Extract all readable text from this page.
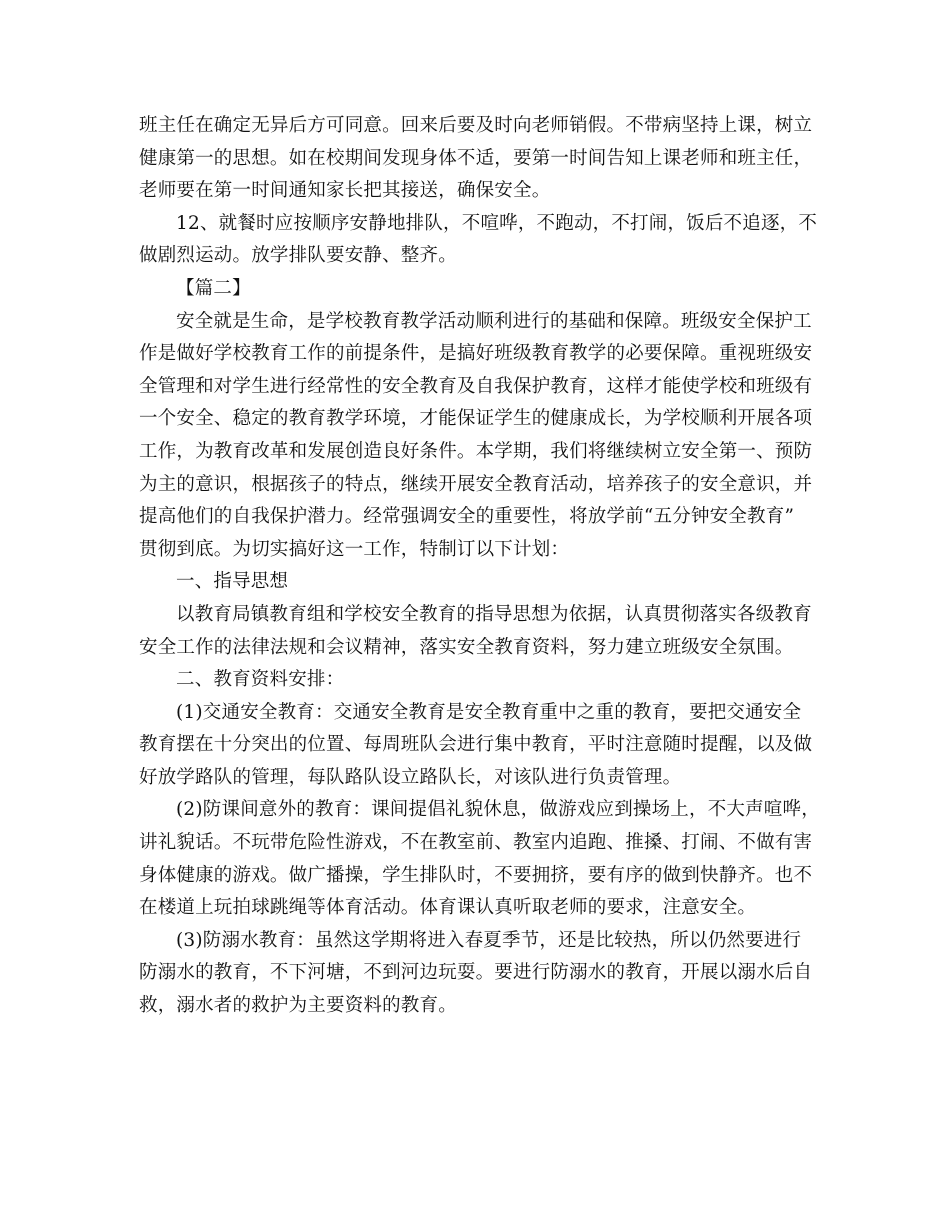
班主任在确定无异后方可同意。回来后要及时向老师销假。不带病坚持上课，树立
健康第一的思想。如在校期间发现身体不适，要第一时间告知上课老师和班主任，
老师要在第一时间通知家长把其接送，确保安全。
12、就餐时应按顺序安静地排队，不喧哗，不跑动，不打闹，饭后不追逐，不
做剧烈运动。放学排队要安静、整齐。
【篇二】
安全就是生命，是学校教育教学活动顺利进行的基础和保障。班级安全保护工
作是做好学校教育工作的前提条件，是搞好班级教育教学的必要保障。重视班级安
全管理和对学生进行经常性的安全教育及自我保护教育，这样才能使学校和班级有
一个安全、稳定的教育教学环境，才能保证学生的健康成长，为学校顺利开展各项
工作，为教育改革和发展创造良好条件。本学期，我们将继续树立安全第一、预防
为主的意识，根据孩子的特点，继续开展安全教育活动，培养孩子的安全意识，并
提高他们的自我保护潜力。经常强调安全的重要性，将放学前“五分钟安全教育”
贯彻到底。为切实搞好这一工作，特制订以下计划：
一、指导思想
以教育局镇教育组和学校安全教育的指导思想为依据，认真贯彻落实各级教育
安全工作的法律法规和会议精神，落实安全教育资料，努力建立班级安全氛围。
二、教育资料安排：
(1)交通安全教育：交通安全教育是安全教育重中之重的教育，要把交通安全
教育摆在十分突出的位置、每周班队会进行集中教育，平时注意随时提醒，以及做
好放学路队的管理，每队路队设立路队长，对该队进行负责管理。
(2)防课间意外的教育：课间提倡礼貌休息，做游戏应到操场上，不大声喧哗，
讲礼貌话。不玩带危险性游戏，不在教室前、教室内追跑、推搡、打闹、不做有害
身体健康的游戏。做广播操，学生排队时，不要拥挤，要有序的做到快静齐。也不
在楼道上玩拍球跳绳等体育活动。体育课认真听取老师的要求，注意安全。
(3)防溺水教育：虽然这学期将进入春夏季节，还是比较热，所以仍然要进行
防溺水的教育，不下河塘，不到河边玩耍。要进行防溺水的教育，开展以溺水后自
救，溺水者的救护为主要资料的教育。
